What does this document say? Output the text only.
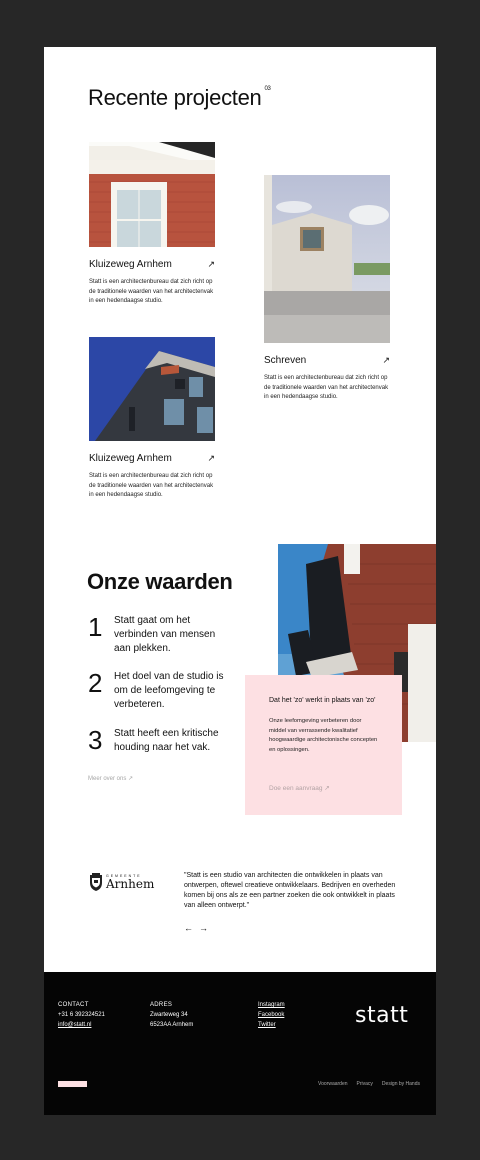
Recente projecten $^{03}$
Kluizeweg Arnhem	↗

Statt is een architectenbureau dat zich richt op de traditionele waarden van het architectenvak in een hedendaagse studio.

Schreven	↗

Statt is een architectenbureau dat zich richt op de traditionele waarden van het architectenvak in een hedendaagse studio.

Kluizeweg Arnhem	↗

Statt is een architectenbureau dat zich richt op de traditionele waarden van het architectenvak in een hedendaagse studio.

Onze waarden
1	Statt gaat om het verbinden van mensen aan plekken.
2	Het doel van de studio is om de leefomgeving te verbeteren.
3	Statt heeft een kritische houding naar het vak.
Meer over ons ↗
Dat het 'zo' werkt in plaats van 'zo'

Onze leefomgeving verbeteren door middel van verrassende kwalitatief hoogwaardige architectonische concepten en oplossingen.

Doe een aanvraag ↗
GEMEENTE
Arnhem

"Statt is een studio van architecten die ontwikkelen in plaats van ontwerpen, oftewel creatieve ontwikkelaars. Bedrijven en overheden komen bij ons als ze een partner zoeken die ook ontwikkelt in plaats van alleen ontwerpt."

← →
CONTACT
+31 6 392324521
info@statt.nl
ADRES
Zwarteweg 34
6523AA Arnhem
Instagram
Facebook
Twitter	statt
Voorwaarden Privacy Design by Hands
